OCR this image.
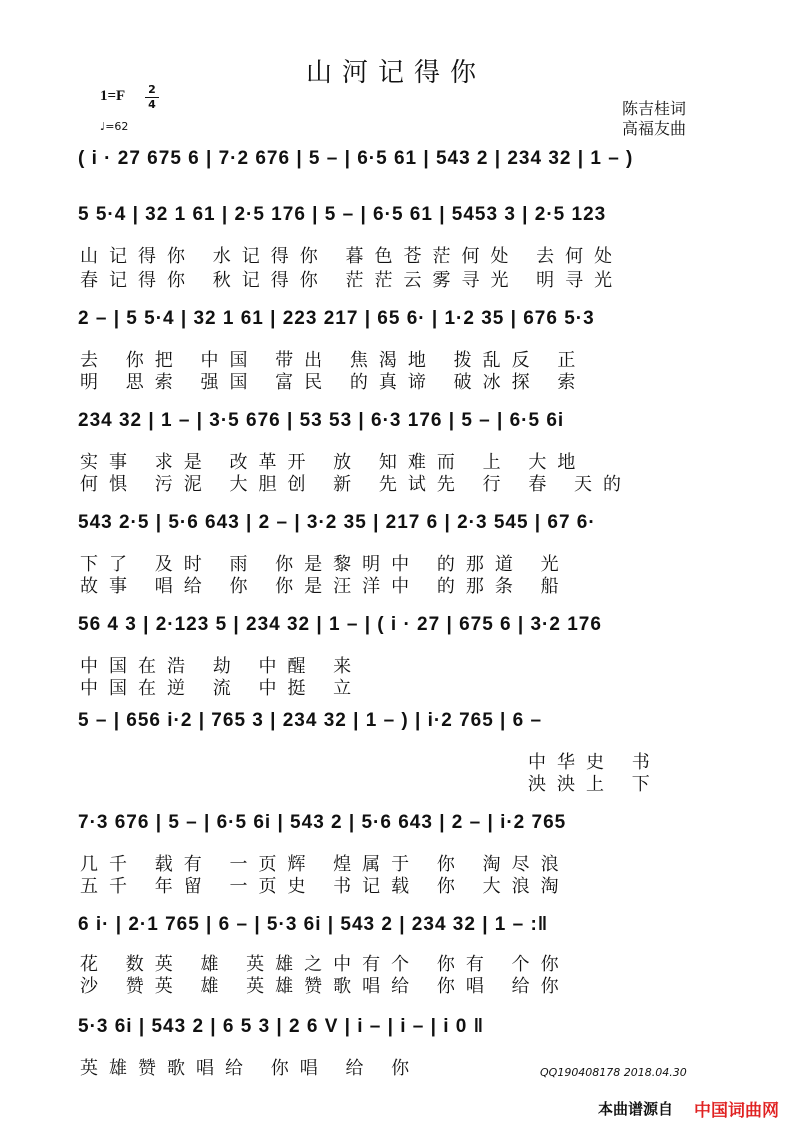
山河记得你
1=F 2
4
♩=62
陈吉桂词
高福友曲
( i · 27 675 6 | 7·2 676 | 5 – | 6·5 61 | 543 2 | 234 32 | 1 – )
5 5·4 | 32 1 61 | 2·5 176 | 5 – | 6·5 61 | 5453 3 | 2·5 123
山记得你 水记得你 暮色苍茫何处 去何处
春记得你 秋记得你 茫茫云雾寻光 明寻光
2 – | 5 5·4 | 32 1 61 | 223 217 | 65 6· | 1·2 35 | 676 5·3
去 你把 中国 带出 焦渴地 拨乱反 正
明 思索 强国 富民 的真谛 破冰探 索
234 32 | 1 – | 3·5 676 | 53 53 | 6·3 176 | 5 – | 6·5 6i
实事 求是 改革开 放 知难而 上 大地
何惧 污泥 大胆创 新 先试先 行 春 天的
543 2·5 | 5·6 643 | 2 – | 3·2 35 | 217 6 | 2·3 545 | 67 6·
下了 及时 雨 你是黎明中 的那道 光
故事 唱给 你 你是汪洋中 的那条 船
56 4 3 | 2·123 5 | 234 32 | 1 – | ( i · 27 | 675 6 | 3·2 176
中国在浩 劫 中醒 来
中国在逆 流 中挺 立
5 – | 656 i·2 | 765 3 | 234 32 | 1 – ) | i·2 765 | 6 –
中华史 书
泱泱上 下
7·3 676 | 5 – | 6·5 6i | 543 2 | 5·6 643 | 2 – | i·2 765
几千 载有 一页辉 煌属于 你 淘尽浪
五千 年留 一页史 书记载 你 大浪淘
6 i· | 2·1 765 | 6 – | 5·3 6i | 543 2 | 234 32 | 1 – :‖
花 数英 雄 英雄之中有个 你有 个你
沙 赞英 雄 英雄赞歌唱给 你唱 给你
5·3 6i | 543 2 | 6 5 3 | 2 6 V | i – | i – | i 0 ‖
英雄赞歌唱给 你唱 给 你	QQ190408178 2018.04.30
本曲谱源自 中国词曲网
